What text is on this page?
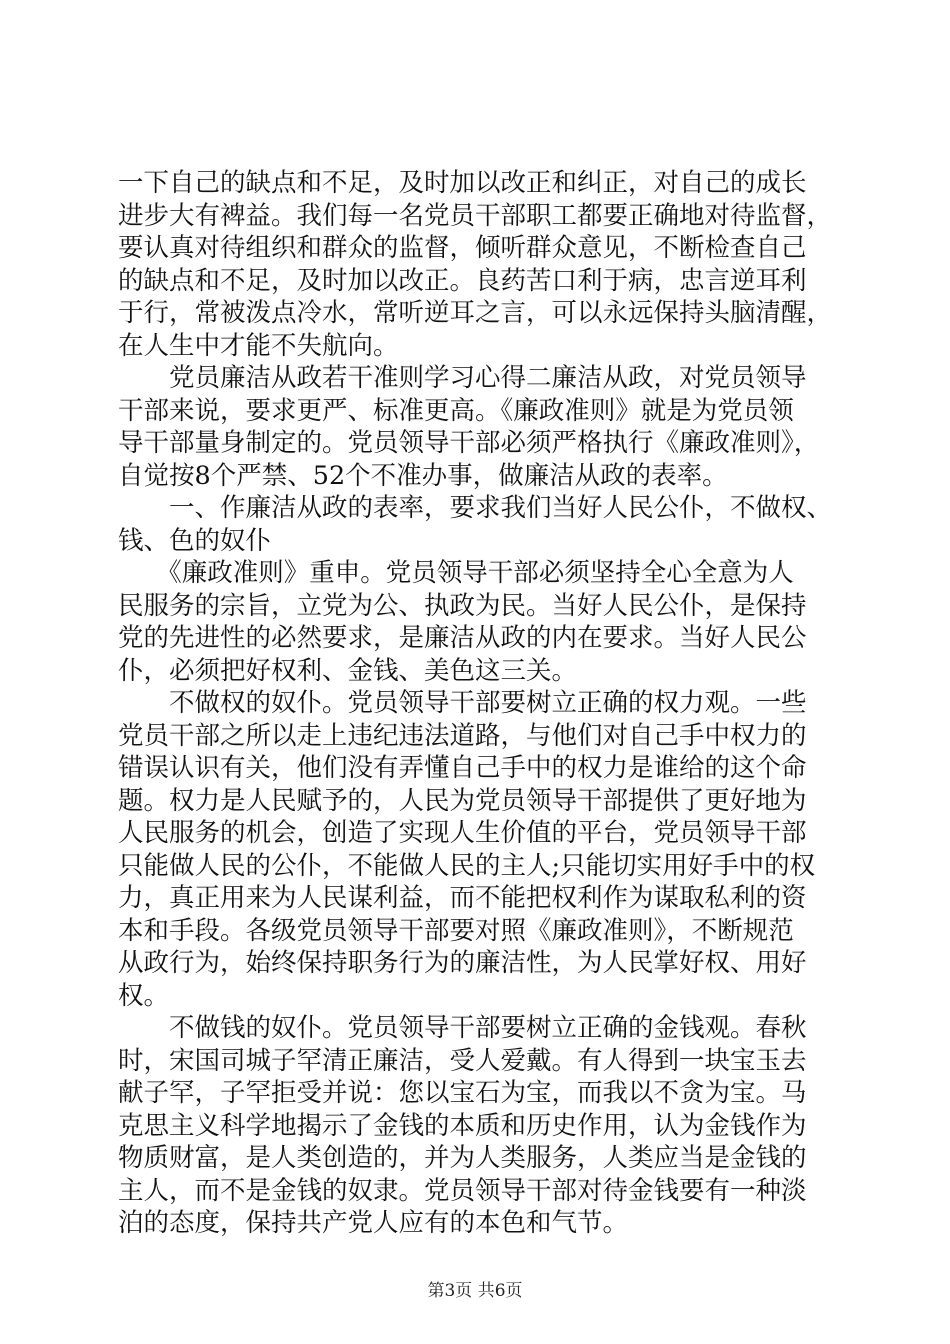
一下自己的缺点和不足，及时加以改正和纠正，对自己的成长
进步大有裨益。我们每一名党员干部职工都要正确地对待监督，
要认真对待组织和群众的监督，倾听群众意见，不断检查自己
的缺点和不足，及时加以改正。良药苦口利于病，忠言逆耳利
于行，常被泼点冷水，常听逆耳之言，可以永远保持头脑清醒，
在人生中才能不失航向。
　　党员廉洁从政若干准则学习心得二廉洁从政，对党员领导
干部来说，要求更严、标准更高。《廉政准则》就是为党员领
导干部量身制定的。党员领导干部必须严格执行《廉政准则》，
自觉按8个严禁、52个不准办事，做廉洁从政的表率。
　　一、作廉洁从政的表率，要求我们当好人民公仆，不做权、
钱、色的奴仆
　　《廉政准则》重申。党员领导干部必须坚持全心全意为人
民服务的宗旨，立党为公、执政为民。当好人民公仆，是保持
党的先进性的必然要求，是廉洁从政的内在要求。当好人民公
仆，必须把好权利、金钱、美色这三关。
　　不做权的奴仆。党员领导干部要树立正确的权力观。一些
党员干部之所以走上违纪违法道路，与他们对自己手中权力的
错误认识有关，他们没有弄懂自己手中的权力是谁给的这个命
题。权力是人民赋予的，人民为党员领导干部提供了更好地为
人民服务的机会，创造了实现人生价值的平台，党员领导干部
只能做人民的公仆，不能做人民的主人;只能切实用好手中的权
力，真正用来为人民谋利益，而不能把权利作为谋取私利的资
本和手段。各级党员领导干部要对照《廉政准则》，不断规范
从政行为，始终保持职务行为的廉洁性，为人民掌好权、用好
权。
　　不做钱的奴仆。党员领导干部要树立正确的金钱观。春秋
时，宋国司城子罕清正廉洁，受人爱戴。有人得到一块宝玉去
献子罕，子罕拒受并说：您以宝石为宝，而我以不贪为宝。马
克思主义科学地揭示了金钱的本质和历史作用，认为金钱作为
物质财富，是人类创造的，并为人类服务，人类应当是金钱的
主人，而不是金钱的奴隶。党员领导干部对待金钱要有一种淡
泊的态度，保持共产党人应有的本色和气节。
第3页 共6页
